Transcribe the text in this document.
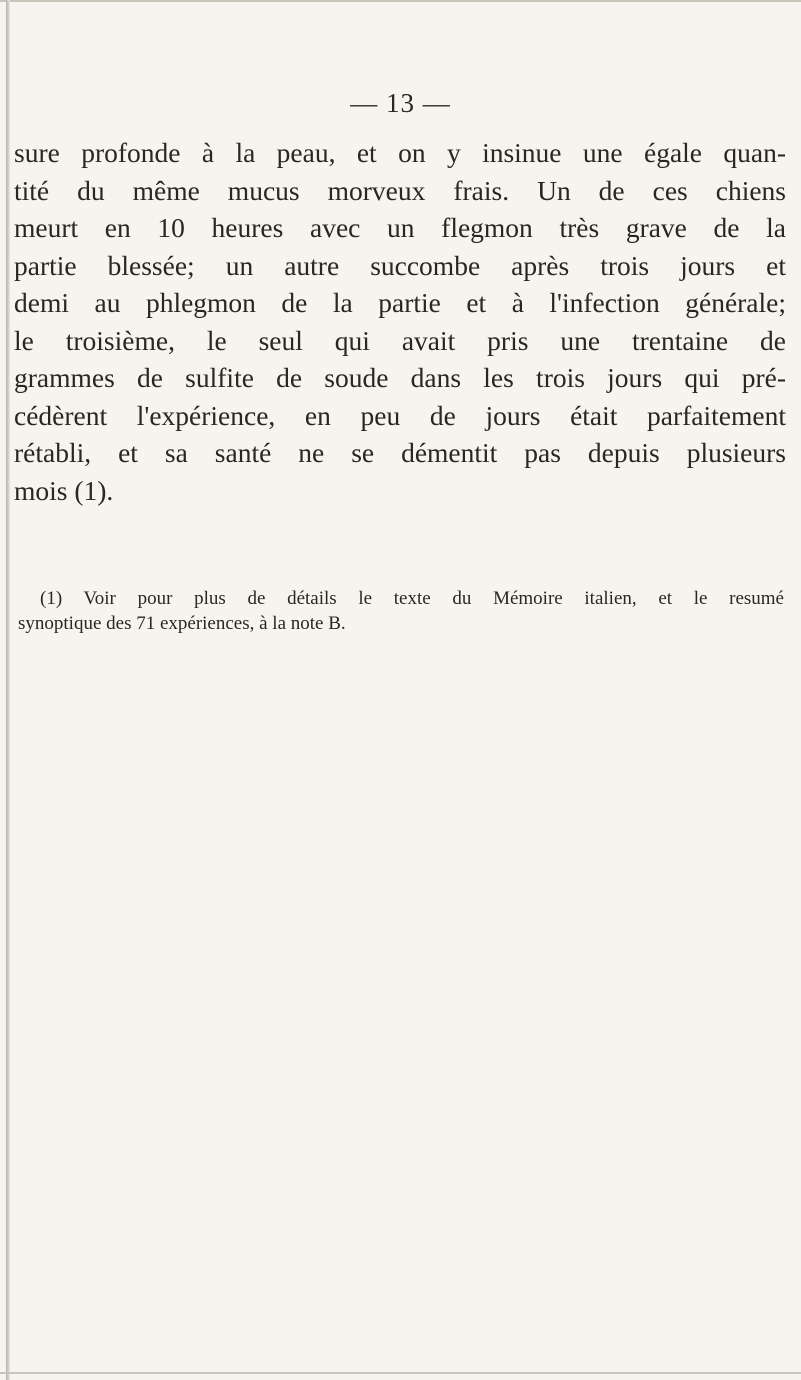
— 13 —

sure profonde à la peau, et on y insinue une égale quan-
tité du même mucus morveux frais. Un de ces chiens
meurt en 10 heures avec un flegmon très grave de la
partie blessée; un autre succombe après trois jours et
demi au phlegmon de la partie et à l'infection générale;
le troisième, le seul qui avait pris une trentaine de
grammes de sulfite de soude dans les trois jours qui pré-
cédèrent l'expérience, en peu de jours était parfaitement
rétabli, et sa santé ne se démentit pas depuis plusieurs
mois (1).

(1) Voir pour plus de détails le texte du Mémoire italien, et le resumé
synoptique des 71 expériences, à la note B.
